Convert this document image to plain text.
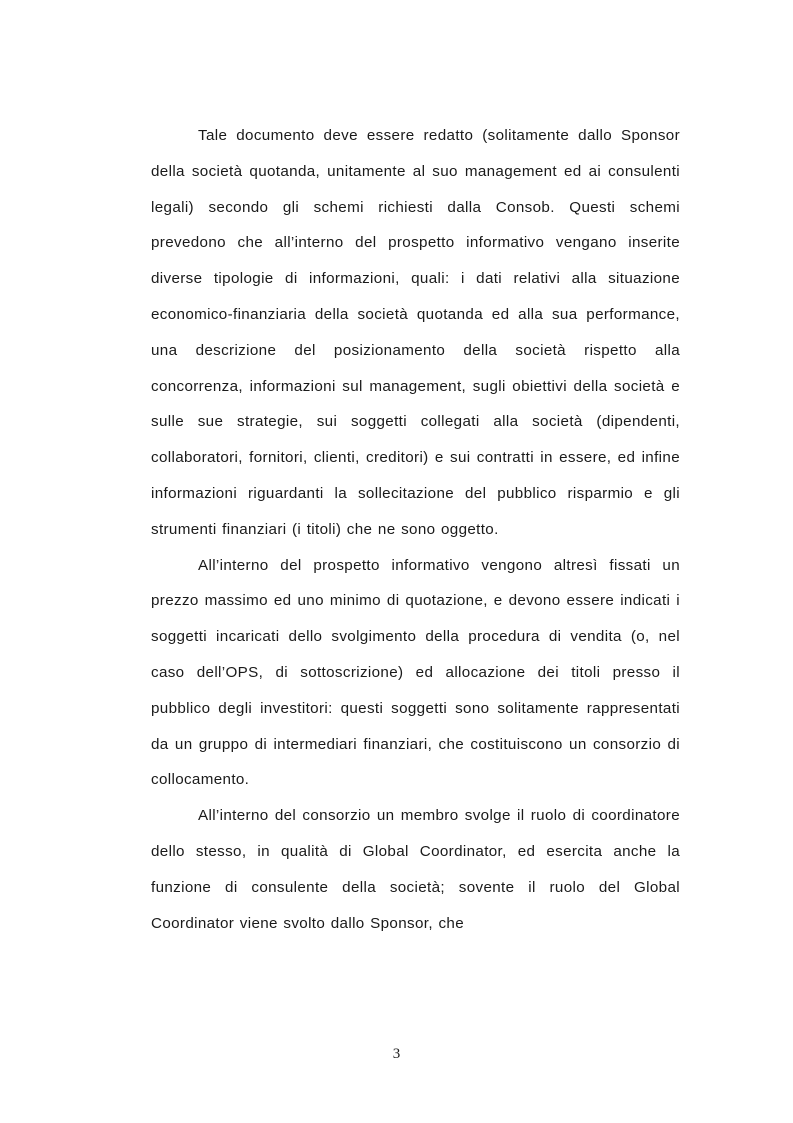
Tale documento deve essere redatto (solitamente dallo Sponsor della società quotanda, unitamente al suo management ed ai consulenti legali) secondo gli schemi richiesti dalla Consob. Questi schemi prevedono che all’interno del prospetto informativo vengano inserite diverse tipologie di informazioni, quali: i dati relativi alla situazione economico-finanziaria della società quotanda ed alla sua performance, una descrizione del posizionamento della società rispetto alla concorrenza, informazioni sul management, sugli obiettivi della società e sulle sue strategie, sui soggetti collegati alla società (dipendenti, collaboratori, fornitori, clienti, creditori) e sui contratti in essere, ed infine informazioni riguardanti la sollecitazione del pubblico risparmio e gli strumenti finanziari (i titoli) che ne sono oggetto.

All’interno del prospetto informativo vengono altresì fissati un prezzo massimo ed uno minimo di quotazione, e devono essere indicati i soggetti incaricati dello svolgimento della procedura di vendita (o, nel caso dell’OPS, di sottoscrizione) ed allocazione dei titoli presso il pubblico degli investitori: questi soggetti sono solitamente rappresentati da un gruppo di intermediari finanziari, che costituiscono un consorzio di collocamento.

All’interno del consorzio un membro svolge il ruolo di coordinatore dello stesso, in qualità di Global Coordinator, ed esercita anche la funzione di consulente della società; sovente il ruolo del Global Coordinator viene svolto dallo Sponsor, che

3
